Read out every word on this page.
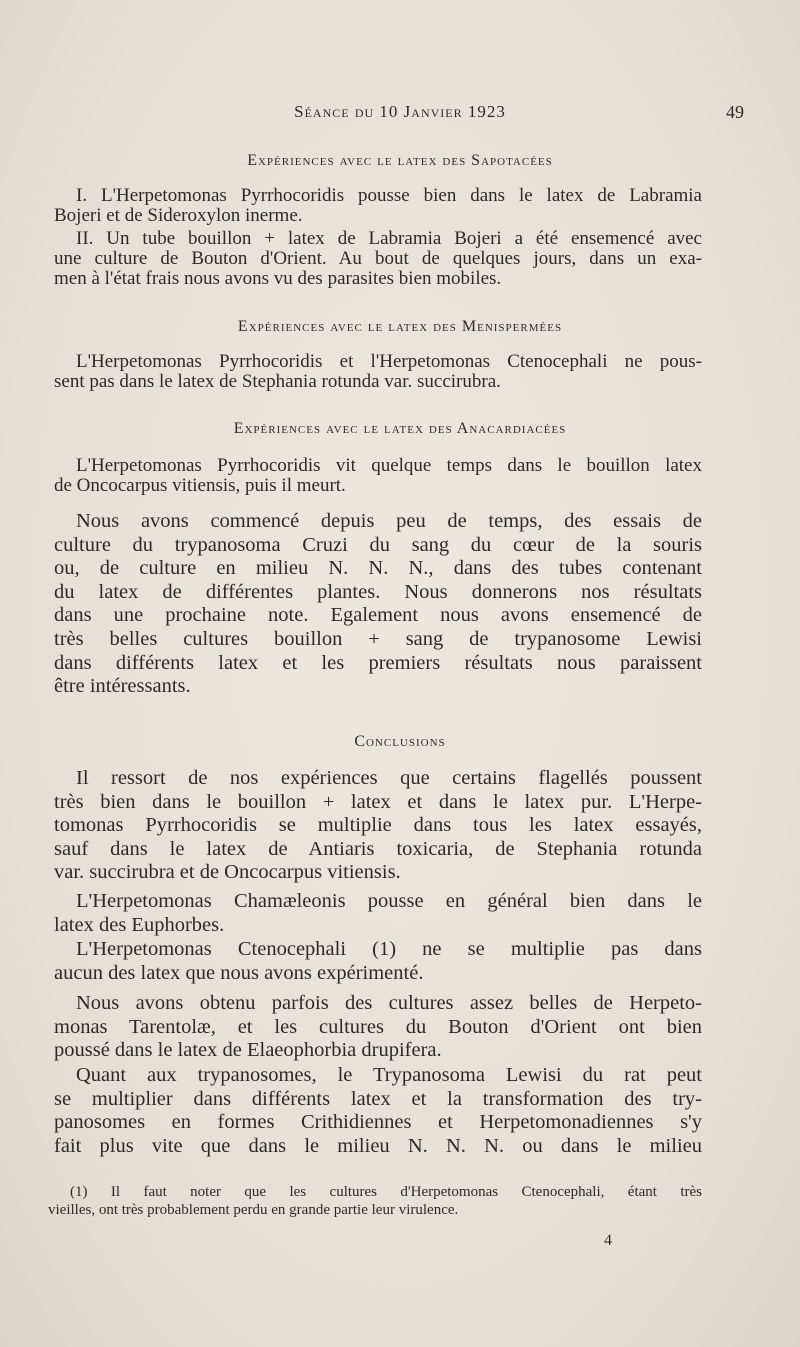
Séance du 10 Janvier 1923	49
Expériences avec le latex des Sapotacées
I. L'Herpetomonas Pyrrhocoridis pousse bien dans le latex de Labramia
Bojeri et de Sideroxylon inerme.
II. Un tube bouillon + latex de Labramia Bojeri a été ensemencé avec
une culture de Bouton d'Orient. Au bout de quelques jours, dans un exa-
men à l'état frais nous avons vu des parasites bien mobiles.
Expériences avec le latex des Menispermées
L'Herpetomonas Pyrrhocoridis et l'Herpetomonas Ctenocephali ne pous-
sent pas dans le latex de Stephania rotunda var. succirubra.
Expériences avec le latex des Anacardiacées
L'Herpetomonas Pyrrhocoridis vit quelque temps dans le bouillon latex
de Oncocarpus vitiensis, puis il meurt.
Nous avons commencé depuis peu de temps, des essais de
culture du trypanosoma Cruzi du sang du cœur de la souris
ou, de culture en milieu N. N. N., dans des tubes contenant
du latex de différentes plantes. Nous donnerons nos résultats
dans une prochaine note. Egalement nous avons ensemencé de
très belles cultures bouillon + sang de trypanosome Lewisi
dans différents latex et les premiers résultats nous paraissent
être intéressants.
Conclusions
Il ressort de nos expériences que certains flagellés poussent
très bien dans le bouillon + latex et dans le latex pur. L'Herpe-
tomonas Pyrrhocoridis se multiplie dans tous les latex essayés,
sauf dans le latex de Antiaris toxicaria, de Stephania rotunda
var. succirubra et de Oncocarpus vitiensis.
L'Herpetomonas Chamæleonis pousse en général bien dans le
latex des Euphorbes.
L'Herpetomonas Ctenocephali (1) ne se multiplie pas dans
aucun des latex que nous avons expérimenté.
Nous avons obtenu parfois des cultures assez belles de Herpeto-
monas Tarentolæ, et les cultures du Bouton d'Orient ont bien
poussé dans le latex de Elaeophorbia drupifera.
Quant aux trypanosomes, le Trypanosoma Lewisi du rat peut
se multiplier dans différents latex et la transformation des try-
panosomes en formes Crithidiennes et Herpetomonadiennes s'y
fait plus vite que dans le milieu N. N. N. ou dans le milieu
(1) Il faut noter que les cultures d'Herpetomonas Ctenocephali, étant très
vieilles, ont très probablement perdu en grande partie leur virulence.
4
